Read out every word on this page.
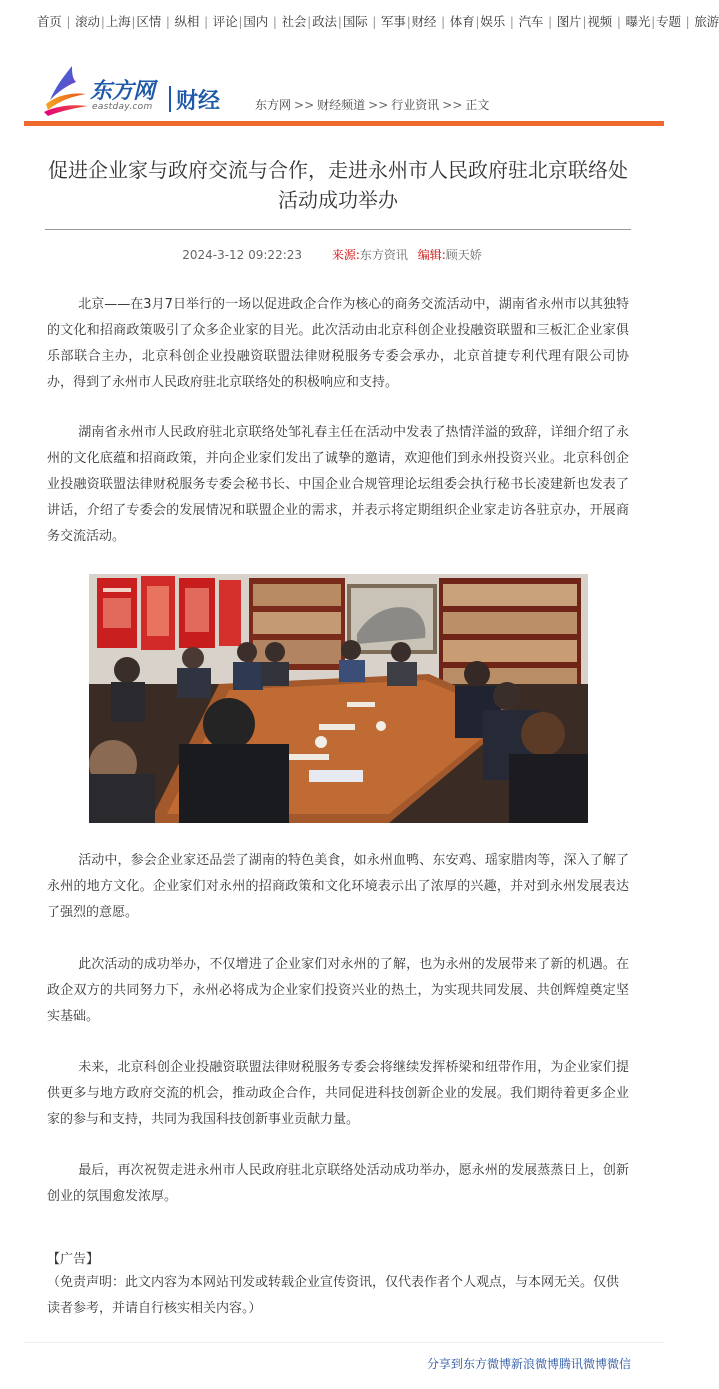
首页 | 滚动|上海|区情 | 纵相 | 评论|国内 | 社会|政法|国际 | 军事|财经 | 体育|娱乐 | 汽车 | 图片|视频 | 曝光|专题 | 旅游
东方网
eastday.com 财经	东方网 >> 财经频道 >> 行业资讯 >> 正文
促进企业家与政府交流与合作，走进永州市人民政府驻北京联络处活动成功举办
2024-3-12 09:22:23 来源:东方资讯 编辑:顾天娇

北京——在3月7日举行的一场以促进政企合作为核心的商务交流活动中，湖南省永州市以其独特的文化和招商政策吸引了众多企业家的目光。此次活动由北京科创企业投融资联盟和三板汇企业家俱乐部联合主办，北京科创企业投融资联盟法律财税服务专委会承办，北京首捷专利代理有限公司协办，得到了永州市人民政府驻北京联络处的积极响应和支持。

湖南省永州市人民政府驻北京联络处邹礼春主任在活动中发表了热情洋溢的致辞，详细介绍了永州的文化底蕴和招商政策，并向企业家们发出了诚挚的邀请，欢迎他们到永州投资兴业。北京科创企业投融资联盟法律财税服务专委会秘书长、中国企业合规管理论坛组委会执行秘书长凌建新也发表了讲话，介绍了专委会的发展情况和联盟企业的需求，并表示将定期组织企业家走访各驻京办，开展商务交流活动。

活动中，参会企业家还品尝了湖南的特色美食，如永州血鸭、东安鸡、瑶家腊肉等，深入了解了永州的地方文化。企业家们对永州的招商政策和文化环境表示出了浓厚的兴趣，并对到永州发展表达了强烈的意愿。

此次活动的成功举办，不仅增进了企业家们对永州的了解，也为永州的发展带来了新的机遇。在政企双方的共同努力下，永州必将成为企业家们投资兴业的热土，为实现共同发展、共创辉煌奠定坚实基础。

未来，北京科创企业投融资联盟法律财税服务专委会将继续发挥桥梁和纽带作用，为企业家们提供更多与地方政府交流的机会，推动政企合作，共同促进科技创新企业的发展。我们期待着更多企业家的参与和支持，共同为我国科技创新事业贡献力量。

最后，再次祝贺走进永州市人民政府驻北京联络处活动成功举办，愿永州的发展蒸蒸日上，创新创业的氛围愈发浓厚。

【广告】
（免责声明：此文内容为本网站刊发或转载企业宣传资讯，仅代表作者个人观点，与本网无关。仅供读者参考，并请自行核实相关内容。）
分享到东方微博新浪微博腾讯微博微信
